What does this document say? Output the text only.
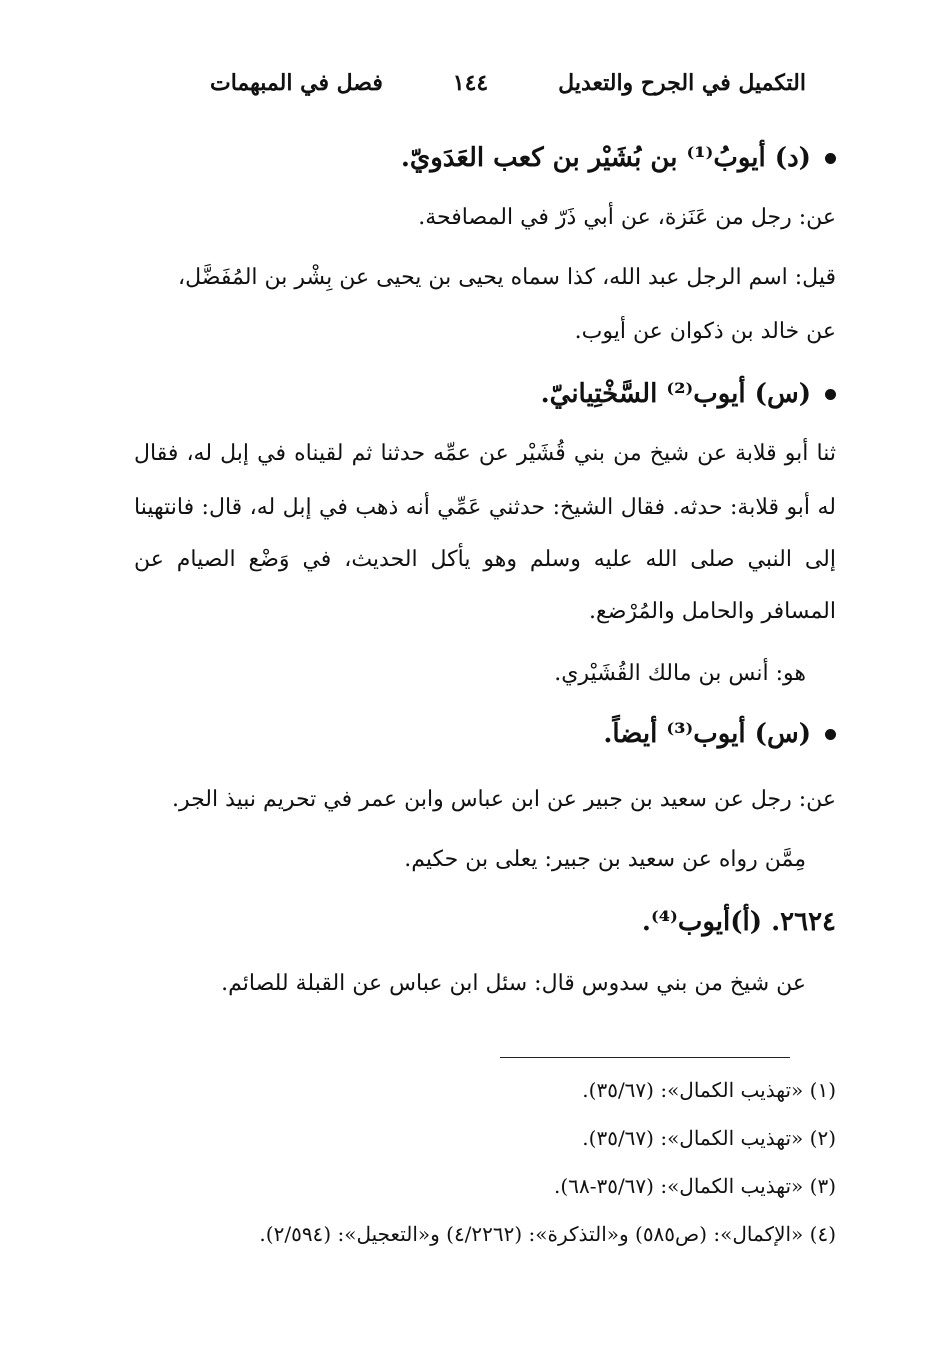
التكميل في الجرح والتعديل
١٤٤
فصل في المبهمات
(د) أيوبُ⁽¹⁾ بن بُشَيْر بن كعب العَدَويّ.
عن: رجل من عَنَزة، عن أبي ذَرّ في المصافحة.
قيل: اسم الرجل عبد الله، كذا سماه يحيى بن يحيى عن بِشْر بن المُفَضَّل،
عن خالد بن ذكوان عن أيوب.
(س) أيوب⁽²⁾ السَّخْتِيانيّ.
ثنا أبو قلابة عن شيخ من بني قُشَيْر عن عمِّه حدثنا ثم لقيناه في إبل له، فقال
له أبو قلابة: حدثه. فقال الشيخ: حدثني عَمِّي أنه ذهب في إبل له، قال: فانتهينا
إلى النبي صلى الله عليه وسلم وهو يأكل الحديث، في وَضْع الصيام عن
المسافر والحامل والمُرْضع.
هو: أنس بن مالك القُشَيْري.
(س) أيوب⁽³⁾ أيضاً.
عن: رجل عن سعيد بن جبير عن ابن عباس وابن عمر في تحريم نبيذ الجر.
مِمَّن رواه عن سعيد بن جبير: يعلى بن حكيم.
٢٦٢٤. (أ)أيوب⁽⁴⁾.
عن شيخ من بني سدوس قال: سئل ابن عباس عن القبلة للصائم.
(١) «تهذيب الكمال»: (٣٥/٦٧).
(٢) «تهذيب الكمال»: (٣٥/٦٧).
(٣) «تهذيب الكمال»: (٣٥/٦٧-٦٨).
(٤) «الإكمال»: (ص٥٨٥) و«التذكرة»: (٤/٢٢٦٢) و«التعجيل»: (٢/٥٩٤).
